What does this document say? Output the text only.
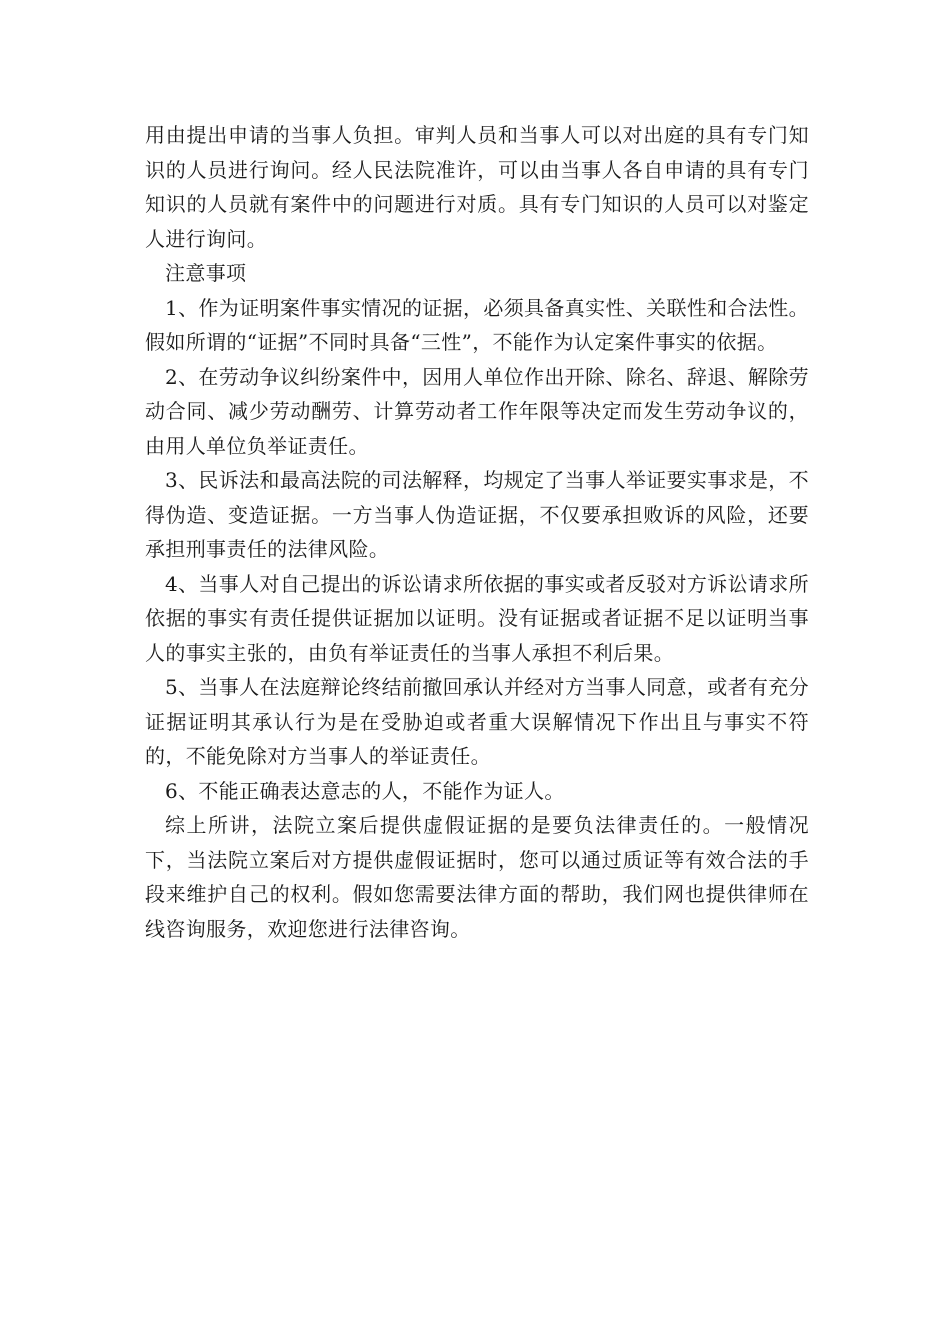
用由提出申请的当事人负担。审判人员和当事人可以对出庭的具有专门知识的人员进行询问。经人民法院准许，可以由当事人各自申请的具有专门知识的人员就有案件中的问题进行对质。具有专门知识的人员可以对鉴定人进行询问。

注意事项

1、作为证明案件事实情况的证据，必须具备真实性、关联性和合法性。假如所谓的“证据”不同时具备“三性”，不能作为认定案件事实的依据。

2、在劳动争议纠纷案件中，因用人单位作出开除、除名、辞退、解除劳动合同、减少劳动酬劳、计算劳动者工作年限等决定而发生劳动争议的，由用人单位负举证责任。

3、民诉法和最高法院的司法解释，均规定了当事人举证要实事求是，不得伪造、变造证据。一方当事人伪造证据，不仅要承担败诉的风险，还要承担刑事责任的法律风险。

4、当事人对自己提出的诉讼请求所依据的事实或者反驳对方诉讼请求所依据的事实有责任提供证据加以证明。没有证据或者证据不足以证明当事人的事实主张的，由负有举证责任的当事人承担不利后果。

5、当事人在法庭辩论终结前撤回承认并经对方当事人同意，或者有充分证据证明其承认行为是在受胁迫或者重大误解情况下作出且与事实不符的，不能免除对方当事人的举证责任。

6、不能正确表达意志的人，不能作为证人。

综上所讲，法院立案后提供虚假证据的是要负法律责任的。一般情况下，当法院立案后对方提供虚假证据时，您可以通过质证等有效合法的手段来维护自己的权利。假如您需要法律方面的帮助，我们网也提供律师在线咨询服务，欢迎您进行法律咨询。
